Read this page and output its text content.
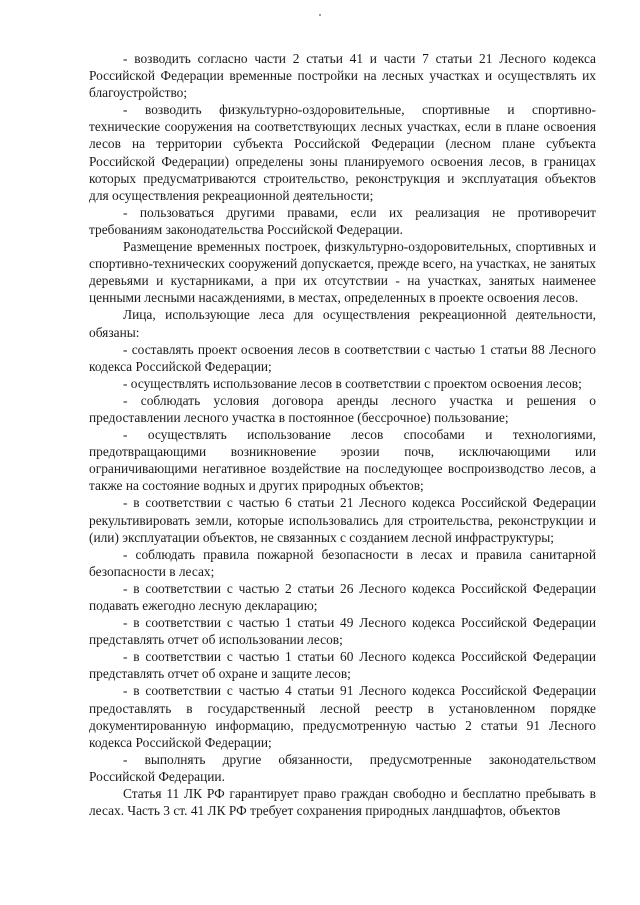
- возводить согласно части 2 статьи 41 и части 7 статьи 21 Лесного кодекса Российской Федерации временные постройки на лесных участках и осуществлять их благоустройство;

- возводить физкультурно-оздоровительные, спортивные и спортивно-технические сооружения на соответствующих лесных участках, если в плане освоения лесов на территории субъекта Российской Федерации (лесном плане субъекта Российской Федерации) определены зоны планируемого освоения лесов, в границах которых предусматриваются строительство, реконструкция и эксплуатация объектов для осуществления рекреационной деятельности;

- пользоваться другими правами, если их реализация не противоречит требованиям законодательства Российской Федерации.

Размещение временных построек, физкультурно-оздоровительных, спортивных и спортивно-технических сооружений допускается, прежде всего, на участках, не занятых деревьями и кустарниками, а при их отсутствии - на участках, занятых наименее ценными лесными насаждениями, в местах, определенных в проекте освоения лесов.

Лица, использующие леса для осуществления рекреационной деятельности, обязаны:

- составлять проект освоения лесов в соответствии с частью 1 статьи 88 Лесного кодекса Российской Федерации;

- осуществлять использование лесов в соответствии с проектом освоения лесов;

- соблюдать условия договора аренды лесного участка и решения о предоставлении лесного участка в постоянное (бессрочное) пользование;

- осуществлять использование лесов способами и технологиями, предотвращающими возникновение эрозии почв, исключающими или ограничивающими негативное воздействие на последующее воспроизводство лесов, а также на состояние водных и других природных объектов;

- в соответствии с частью 6 статьи 21 Лесного кодекса Российской Федерации рекультивировать земли, которые использовались для строительства, реконструкции и (или) эксплуатации объектов, не связанных с созданием лесной инфраструктуры;

- соблюдать правила пожарной безопасности в лесах и правила санитарной безопасности в лесах;

- в соответствии с частью 2 статьи 26 Лесного кодекса Российской Федерации подавать ежегодно лесную декларацию;

- в соответствии с частью 1 статьи 49 Лесного кодекса Российской Федерации представлять отчет об использовании лесов;

- в соответствии с частью 1 статьи 60 Лесного кодекса Российской Федерации представлять отчет об охране и защите лесов;

- в соответствии с частью 4 статьи 91 Лесного кодекса Российской Федерации предоставлять в государственный лесной реестр в установленном порядке документированную информацию, предусмотренную частью 2 статьи 91 Лесного кодекса Российской Федерации;

- выполнять другие обязанности, предусмотренные законодательством Российской Федерации.

Статья 11 ЛК РФ гарантирует право граждан свободно и бесплатно пребывать в лесах. Часть 3 ст. 41 ЛК РФ требует сохранения природных ландшафтов, объектов
